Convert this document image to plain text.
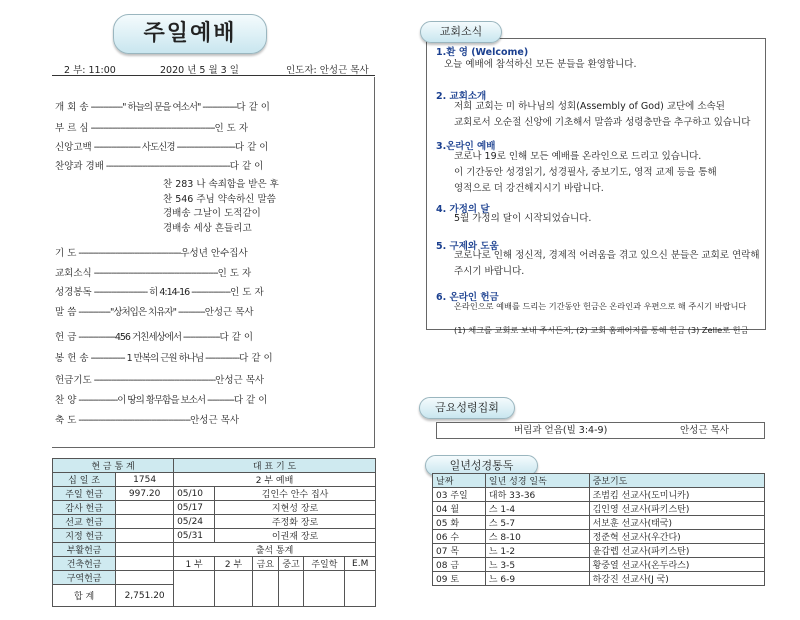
주일예배
2 부: 11:00	2020 년 5 월 3 일	인도자: 안성근 목사
개 회 송 -------------" 하늘의 문을 여소서" --------------다 같 이
부 르 심 ---------------------------------------------------인 도 자
신앙고백 ------------------- 사도신경 ------------------------다 같 이
찬양과 경배 ---------------------------------------------------다 같 이
찬 283 나 속죄함을 받은 후
찬 546 주님 약속하신 말씀
경배송 그날이 도적같이
경배송 세상 흔들리고
기 도 ------------------------------------------우성년 안수집사
교회소식 ---------------------------------------------------인 도 자
성경봉독 ---------------------- 히 4:14-16 ----------------인 도 자
말 씀 -------------"상처입은 치유자" -----------안성근 목사
헌 금 ---------------456 거친세상에서 ---------------다 같 이
봉 헌 송 -------------- 1 만복의 근원 하나님 --------------다 같 이
헌금기도 --------------------------------------------------안성근 목사
찬 양 ----------------이 땅의 황무함을 보소서 -----------다 같 이
축 도 ----------------------------------------------안성근 목사
현 금 통 계		대 표 기 도					
십 일 조	1754	2 부 예배					
주일 헌금	997.20	05/10	김인수 안수 집사				
감사 헌금		05/17	지현성 장로				
선교 헌금		05/24	주정화 장로				
지정 헌금		05/31	이권재 장로				
부활헌금		출석 통계					
건축헌금		1 부	2 부	금요	중고	주일학	E.M
구역헌금							
합 계	2,751.20						
교회소식
1.환 영 (Welcome)
오늘 예배에 참석하신 모든 분들을 환영합니다.
2. 교회소개
저희 교회는 미 하나님의 성회(Assembly of God) 교단에 소속된
교회로서 오순절 신앙에 기초해서 말씀과 성령충만을 추구하고 있습니다
3.온라인 예배
코로나 19로 인해 모든 예배를 온라인으로 드리고 있습니다.
이 기간동안 성경읽기, 성경필사, 중보기도, 영적 교제 등을 통해
영적으로 더 강건해지시기 바랍니다.
4. 가정의 달
5월 가정의 달이 시작되었습니다.
5. 구제와 도움
코로나로 인해 정신적, 경제적 어려움을 겪고 있으신 분들은 교회로 연락해
주시기 바랍니다.
6. 온라인 헌금
온라인으로 예배를 드리는 기간동안 헌금은 온라인과 우편으로 해 주시기 바랍니다
(1) 체크를 교회로 보내 주시든지, (2) 교회 홈페이지를 통해 헌금 (3) Zelle로 헌금
금요성령집회
버림과 얻음(빌 3:4-9)	안성근 목사
일년성경통독
날짜	일년 성경 일독	중보기도
03 주일	대하 33-36	조범킴 선교사(도미니카)
04 월	스 1-4	김인영 선교사(파키스탄)
05 화	스 5-7	서보훈 선교사(태국)
06 수	스 8-10	정준혁 선교사(우간다)
07 목	느 1-2	윤갑렙 선교사(파키스탄)
08 금	느 3-5	황중열 선교사(온두라스)
09 토	느 6-9	하강진 선교사(J 국)
